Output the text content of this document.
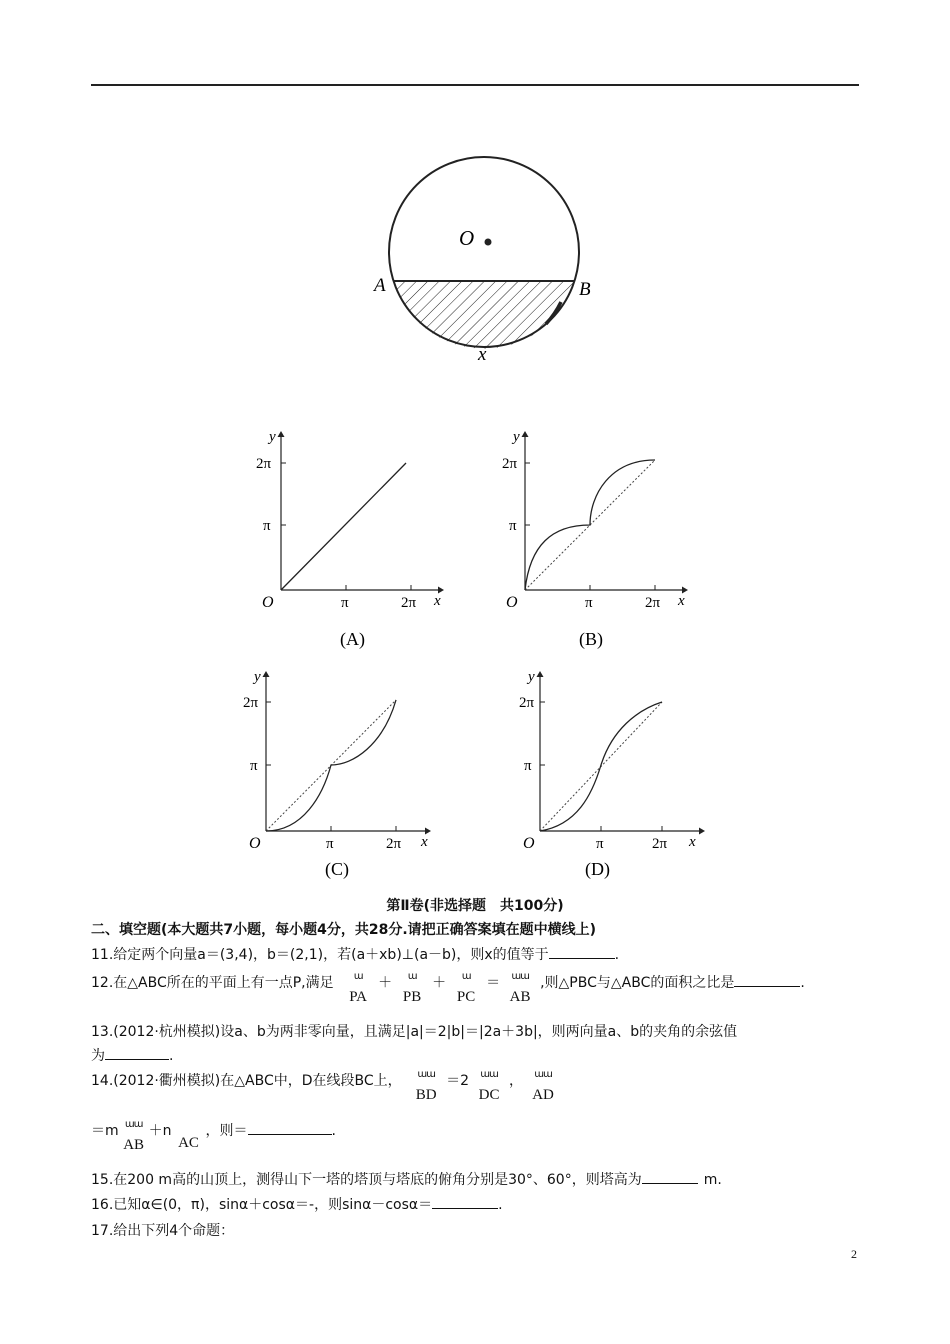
O
A	B
x
y
2π
π
O	π	2π x
(A)
y
2π
π
O	π	2π x
(B)
y
2π
π
O	π	2π x
(C)
y
2π
π
O	π	2π x
(D)
第Ⅱ卷(非选择题　共100分)
二、填空题(本大题共7小题，每小题4分，共28分.请把正确答案填在题中横线上)
11.给定两个向量a＝(3,4)，b＝(2,1)，若(a＋xb)⊥(a－b)，则x的值等于	.
12.在△ABC所在的平面上有一点P,满足	ɯ
PA
＋	ɯ
PB
＋	ɯ
PC
＝	ɯɯ
AB
,则△PBC与△ABC的面积之比是	.
13.(2012·杭州模拟)设a、b为两非零向量，且满足|a|＝2|b|＝|2a＋3b|，则两向量a、b的夹角的余弦值
为	.
14.(2012·衢州模拟)在△ABC中，D在线段BC上，	ɯɯ
BD
＝2	ɯɯ
DC
，	ɯɯ
AD
＝m ɯɯ
AB
＋n
AC
，则＝	.
15.在200 m高的山顶上，测得山下一塔的塔顶与塔底的俯角分别是30°、60°，则塔高为	m.
16.已知α∈(0，π)，sinα＋cosα＝-，则sinα－cosα＝	.
17.给出下列4个命题：
2
